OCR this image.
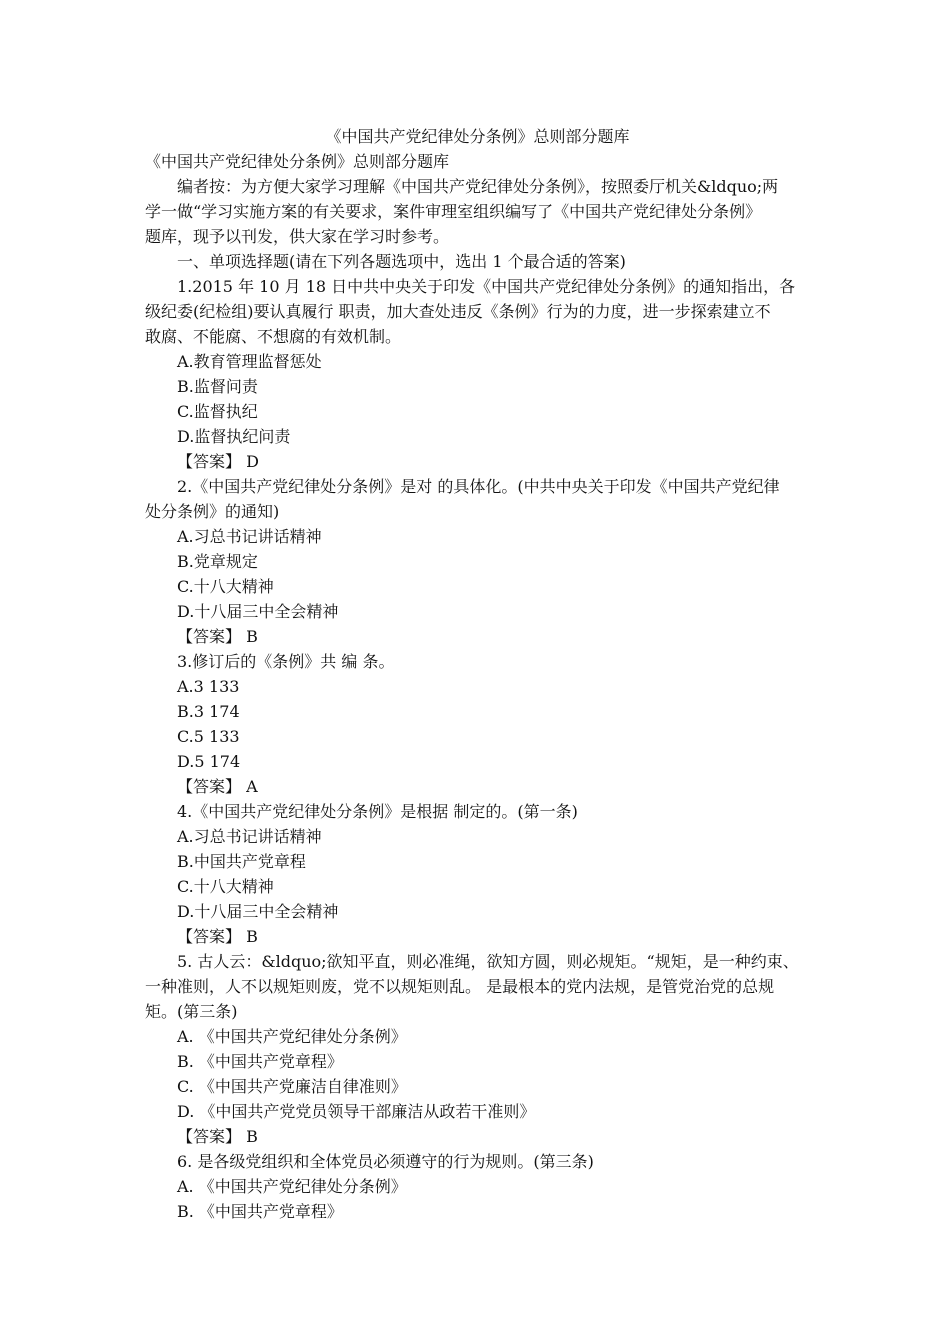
《中国共产党纪律处分条例》总则部分题库
《中国共产党纪律处分条例》总则部分题库
编者按：为方便大家学习理解《中国共产党纪律处分条例》，按照委厅机关&ldquo;两
学一做“学习实施方案的有关要求，案件审理室组织编写了《中国共产党纪律处分条例》
题库，现予以刊发，供大家在学习时参考。
一、单项选择题(请在下列各题选项中，选出 1 个最合适的答案)
1.2015 年 10 月 18 日中共中央关于印发《中国共产党纪律处分条例》的通知指出，各
级纪委(纪检组)要认真履行 职责，加大查处违反《条例》行为的力度，进一步探索建立不
敢腐、不能腐、不想腐的有效机制。
A.教育管理监督惩处
B.监督问责
C.监督执纪
D.监督执纪问责
【答案】 D
2.《中国共产党纪律处分条例》是对 的具体化。(中共中央关于印发《中国共产党纪律
处分条例》的通知)
A.习总书记讲话精神
B.党章规定
C.十八大精神
D.十八届三中全会精神
【答案】 B
3.修订后的《条例》共 编 条。
A.3 133
B.3 174
C.5 133
D.5 174
【答案】 A
4.《中国共产党纪律处分条例》是根据 制定的。(第一条)
A.习总书记讲话精神
B.中国共产党章程
C.十八大精神
D.十八届三中全会精神
【答案】 B
5. 古人云：&ldquo;欲知平直，则必准绳，欲知方圆，则必规矩。“规矩，是一种约束、
一种准则，人不以规矩则废，党不以规矩则乱。 是最根本的党内法规，是管党治党的总规
矩。(第三条)
A. 《中国共产党纪律处分条例》
B. 《中国共产党章程》
C. 《中国共产党廉洁自律准则》
D. 《中国共产党党员领导干部廉洁从政若干准则》
【答案】 B
6. 是各级党组织和全体党员必须遵守的行为规则。(第三条)
A. 《中国共产党纪律处分条例》
B. 《中国共产党章程》
